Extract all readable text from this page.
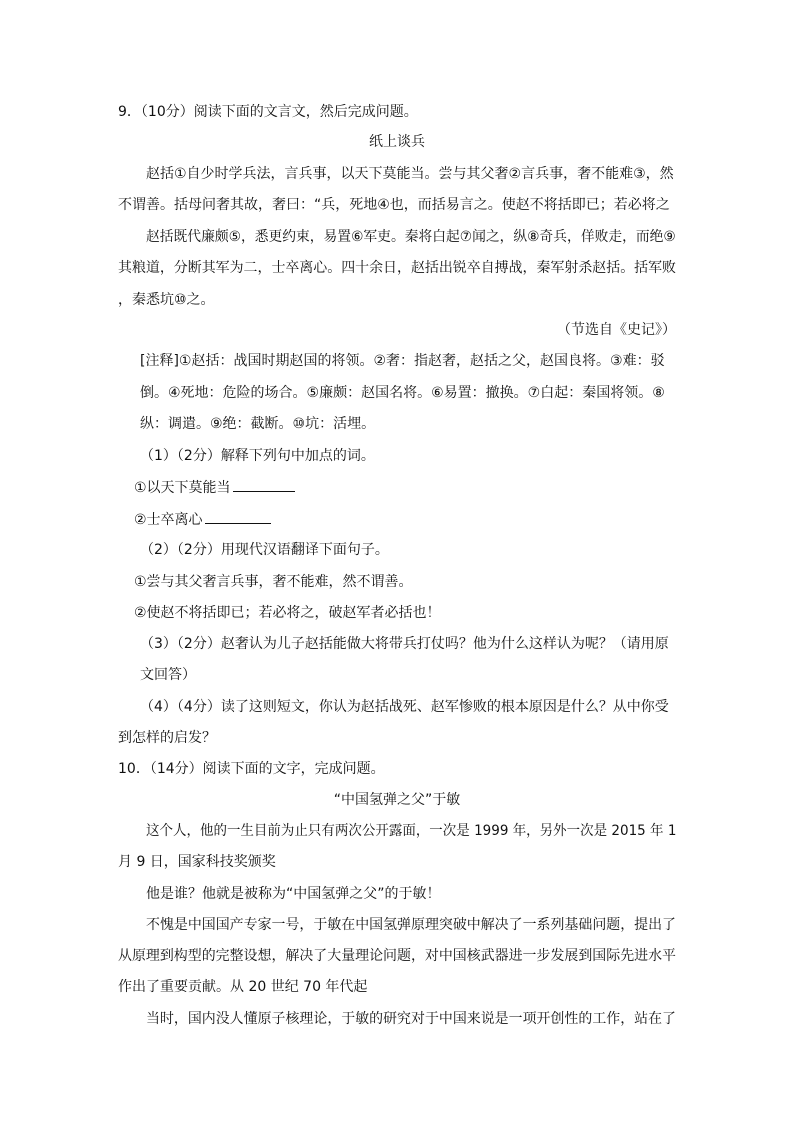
9．（10分）阅读下面的文言文，然后完成问题。
纸上谈兵
赵括①自少时学兵法，言兵事，以天下莫能当。尝与其父奢②言兵事，奢不能难③，然
不谓善。括母问奢其故，奢曰：“兵，死地④也，而括易言之。使赵不将括即已；若必将之
赵括既代廉颇⑤，悉更约束，易置⑥军吏。秦将白起⑦闻之，纵⑧奇兵，佯败走，而绝⑨
其粮道，分断其军为二，士卒离心。四十余日，赵括出锐卒自搏战，秦军射杀赵括。括军败
，秦悉坑⑩之。
（节选自《史记》）
[注释]①赵括：战国时期赵国的将领。②奢：指赵奢，赵括之父，赵国良将。③难：驳
倒。④死地：危险的场合。⑤廉颇：赵国名将。⑥易置：撤换。⑦白起：秦国将领。⑧
纵：调遣。⑨绝：截断。⑩坑：活埋。
（1）（2分）解释下列句中加点的词。
①以天下莫能当
②士卒离心
（2）（2分）用现代汉语翻译下面句子。
①尝与其父奢言兵事，奢不能难，然不谓善。
②使赵不将括即已；若必将之，破赵军者必括也！
（3）（2分）赵奢认为儿子赵括能做大将带兵打仗吗？他为什么这样认为呢？（请用原
文回答）
（4）（4分）读了这则短文，你认为赵括战死、赵军惨败的根本原因是什么？从中你受
到怎样的启发？
10．（14分）阅读下面的文字，完成问题。
“中国氢弹之父”于敏
这个人，他的一生目前为止只有两次公开露面，一次是 1999 年，另外一次是 2015 年 1
月 9 日，国家科技奖颁奖
他是谁？他就是被称为“中国氢弹之父”的于敏！
不愧是中国国产专家一号，于敏在中国氢弹原理突破中解决了一系列基础问题，提出了
从原理到构型的完整设想，解决了大量理论问题，对中国核武器进一步发展到国际先进水平
作出了重要贡献。从 20 世纪 70 年代起
当时，国内没人懂原子核理论，于敏的研究对于中国来说是一项开创性的工作，站在了
